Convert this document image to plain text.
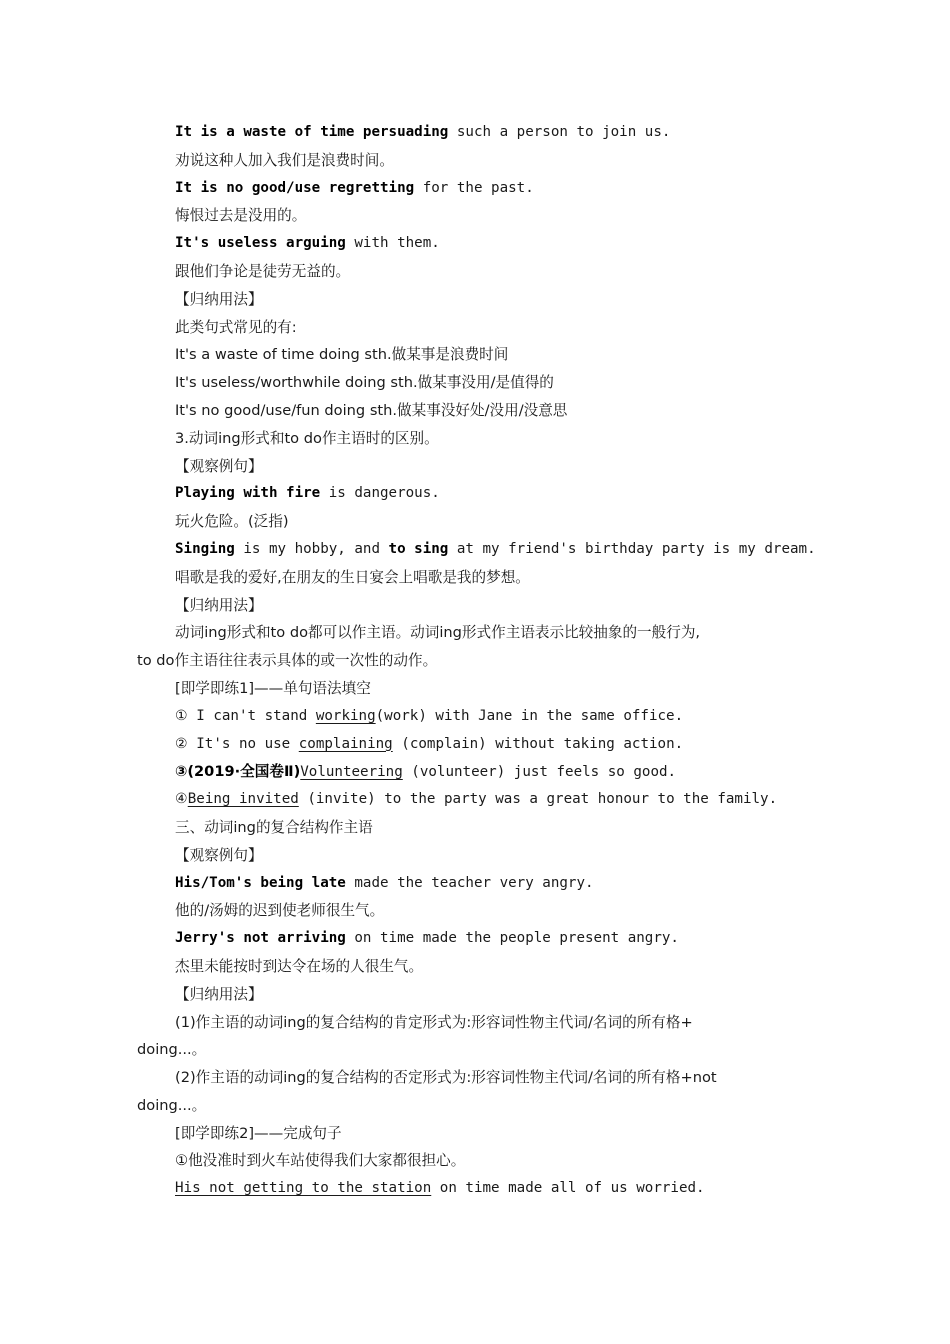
It is a waste of time persuading such a person to join us.
劝说这种人加入我们是浪费时间。
It is no good/use regretting for the past.
悔恨过去是没用的。
It's useless arguing with them.
跟他们争论是徒劳无益的。
【归纳用法】
此类句式常见的有:
It's a waste of time doing sth.做某事是浪费时间
It's useless/worthwhile doing sth.做某事没用/是值得的
It's no good/use/fun doing sth.做某事没好处/没用/没意思
3.动词ing形式和to do作主语时的区别。
【观察例句】
Playing with fire is dangerous.
玩火危险。(泛指)
Singing is my hobby, and to sing at my friend's birthday party is my dream.
唱歌是我的爱好,在朋友的生日宴会上唱歌是我的梦想。
【归纳用法】
动词ing形式和to do都可以作主语。动词ing形式作主语表示比较抽象的一般行为,
to do作主语往往表示具体的或一次性的动作。
[即学即练1]——单句语法填空
① I can't stand working(work) with Jane in the same office.
② It's no use complaining (complain) without taking action.
③(2019·全国卷Ⅱ)Volunteering (volunteer) just feels so good.
④Being invited (invite) to the party was a great honour to the family.
三、动词ing的复合结构作主语
【观察例句】
His/Tom's being late made the teacher very angry.
他的/汤姆的迟到使老师很生气。
Jerry's not arriving on time made the people present angry.
杰里未能按时到达令在场的人很生气。
【归纳用法】
(1)作主语的动词ing的复合结构的肯定形式为:形容词性物主代词/名词的所有格+
doing...。
(2)作主语的动词ing的复合结构的否定形式为:形容词性物主代词/名词的所有格+not
doing...。
[即学即练2]——完成句子
①他没准时到火车站使得我们大家都很担心。
His not getting to the station on time made all of us worried.
